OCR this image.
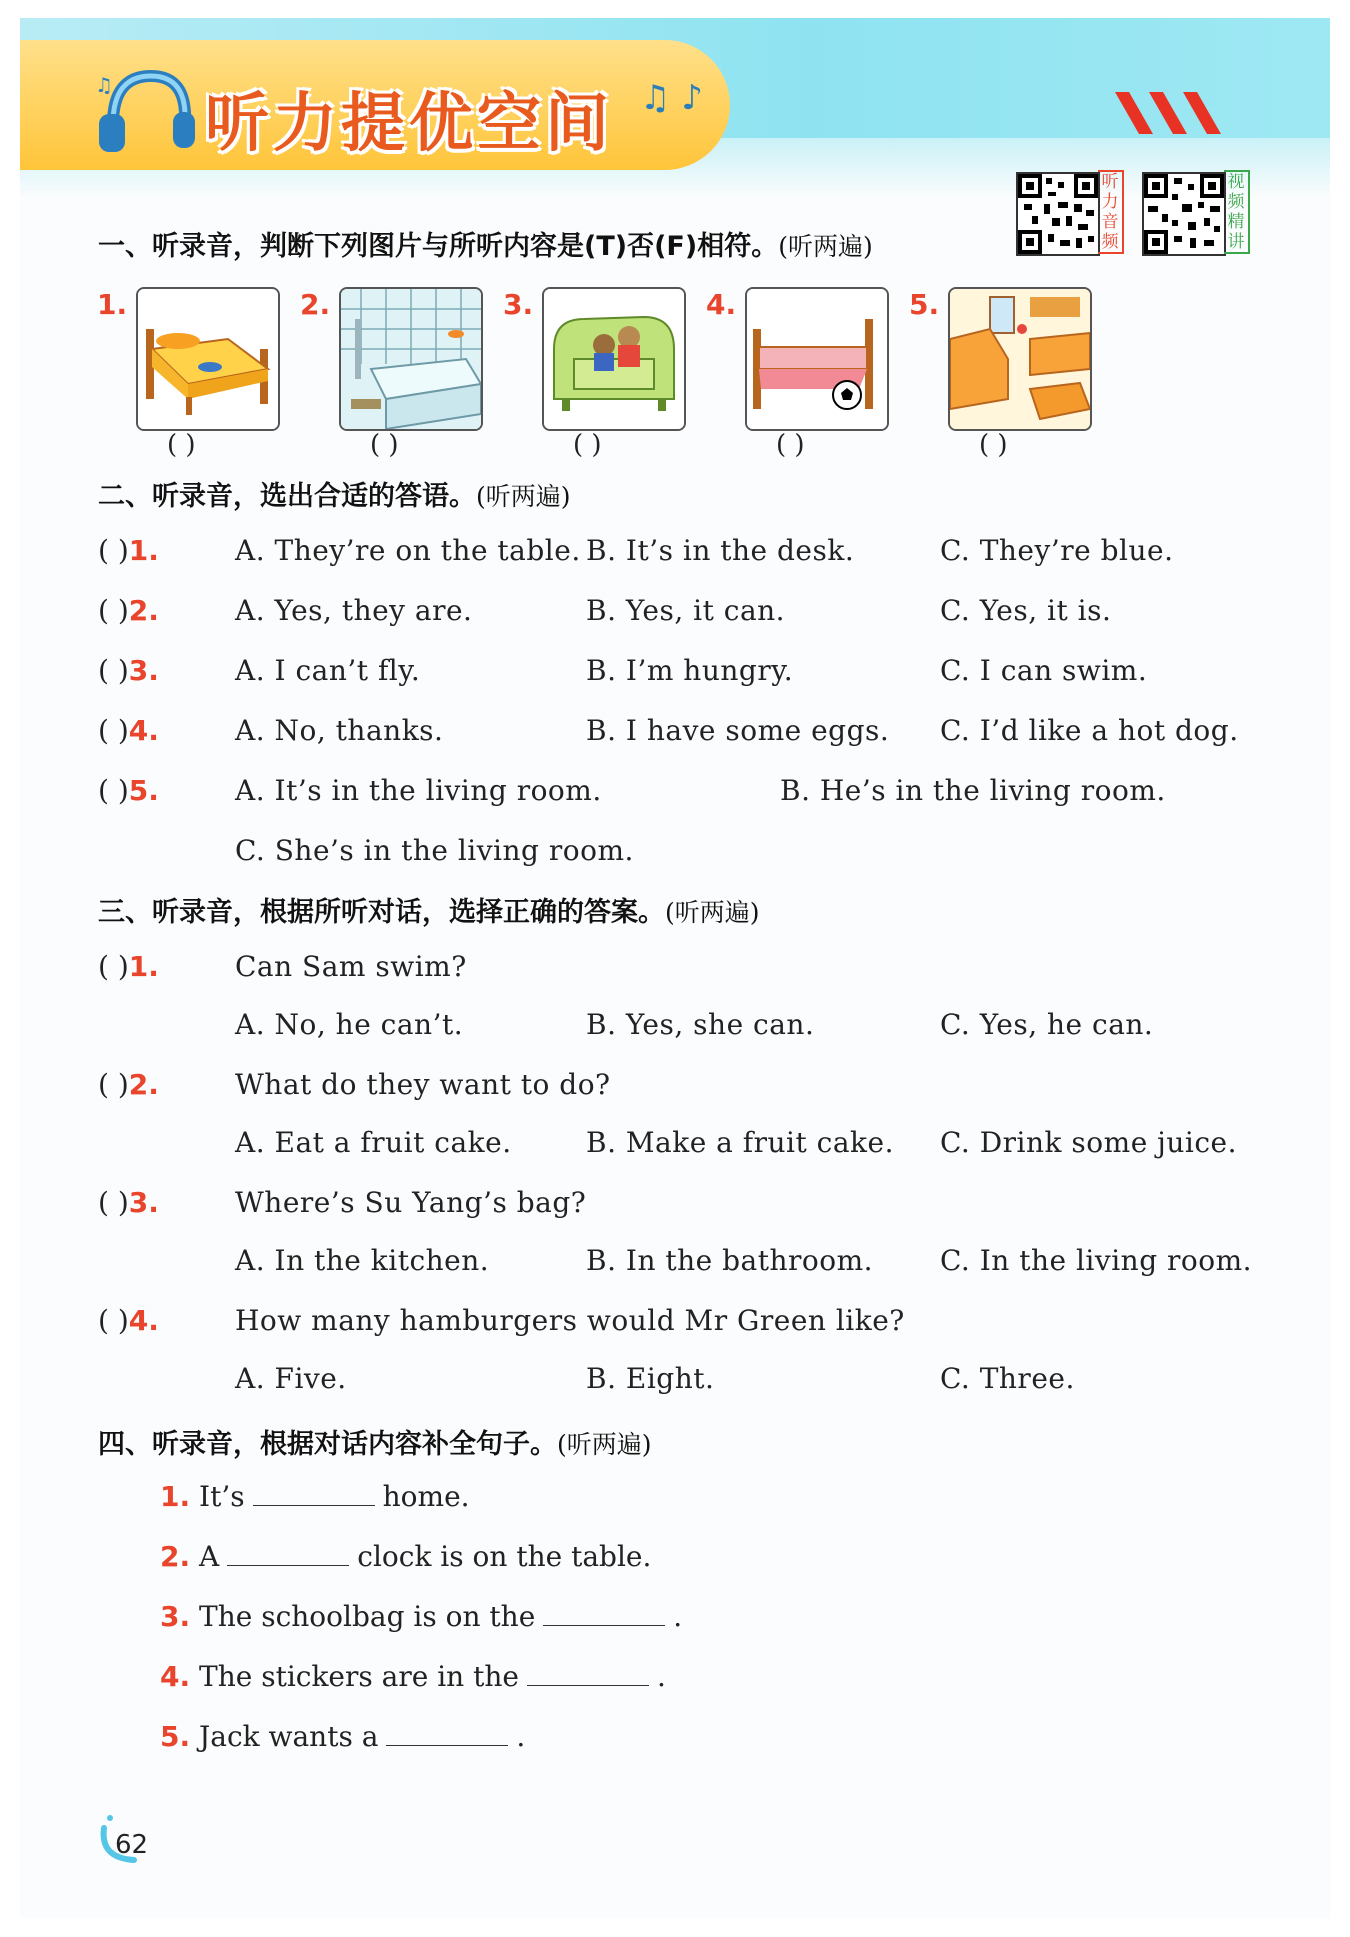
♫
听力提优空间 ♫ ♪
听力音频
视频精讲
一、听录音，判断下列图片与所听内容是(T)否(F)相符。(听两遍)
1.	2.	3.	4.	5.
( )	( )	( )	( )	( )
二、听录音，选出合适的答语。(听两遍)
( )1.	A. They’re on the table. B. It’s in the desk.	C. They’re blue.
( )2.	A. Yes, they are.	B. Yes, it can.	C. Yes, it is.
( )3.	A. I can’t fly.	B. I’m hungry.	C. I can swim.
( )4.	A. No, thanks.	B. I have some eggs. C. I’d like a hot dog.
( )5.	A. It’s in the living room.	B. He’s in the living room.
C. She’s in the living room.
三、听录音，根据所听对话，选择正确的答案。(听两遍)
( )1.	Can Sam swim?
A. No, he can’t.	B. Yes, she can.	C. Yes, he can.
( )2.	What do they want to do?
A. Eat a fruit cake.	B. Make a fruit cake. C. Drink some juice.
( )3.	Where’s Su Yang’s bag?
A. In the kitchen.	B. In the bathroom. C. In the living room.
( )4.	How many hamburgers would Mr Green like?
A. Five.	B. Eight.	C. Three.
四、听录音，根据对话内容补全句子。(听两遍)
1. It’s	home.
2. A	clock is on the table.
3. The schoolbag is on the	.
4. The stickers are in the	.
5. Jack wants a	.
62
